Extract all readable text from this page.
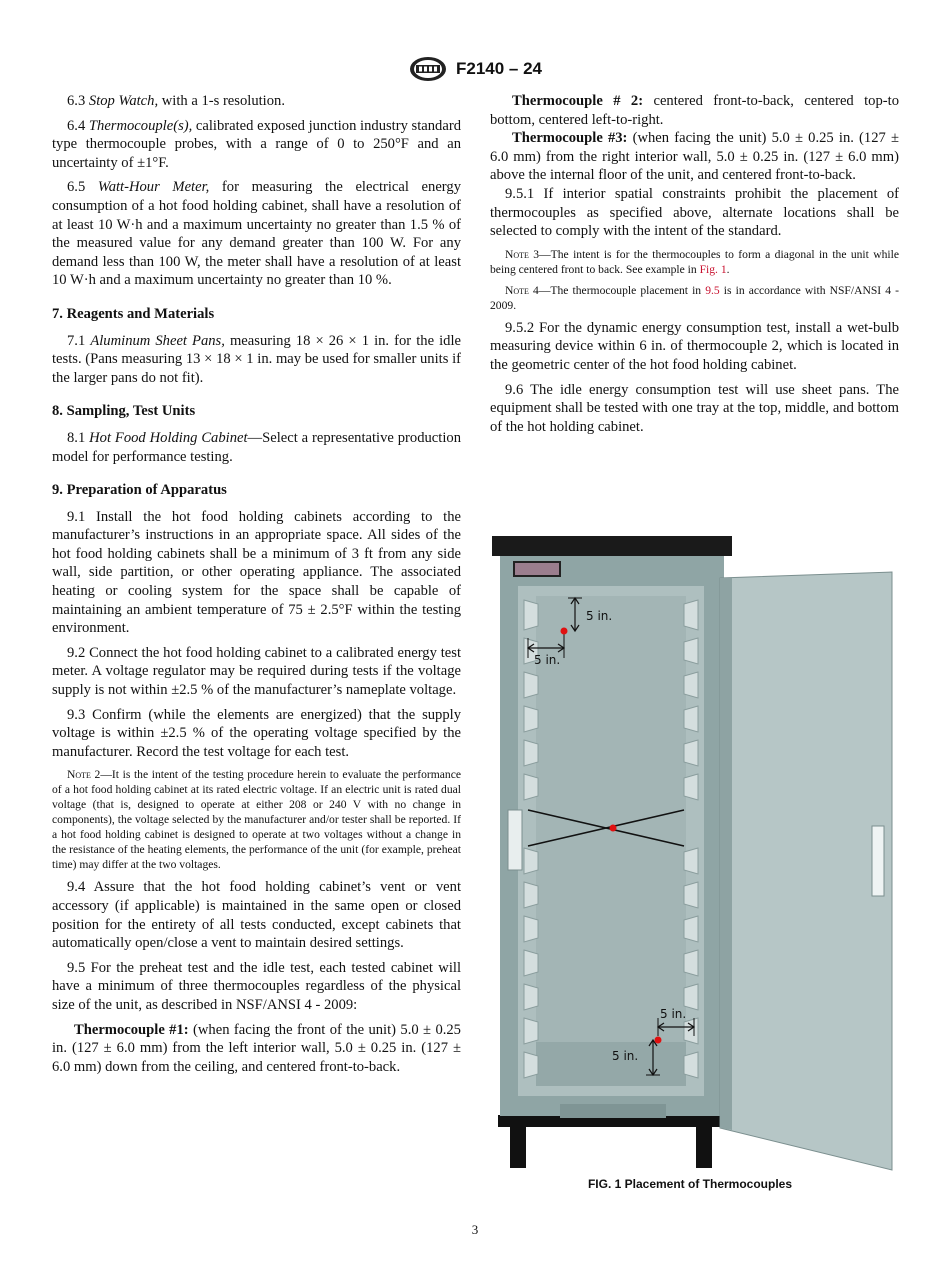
F2140 – 24

6.3 Stop Watch, with a 1-s resolution.

6.4 Thermocouple(s), calibrated exposed junction industry standard type thermocouple probes, with a range of 0 to 250°F and an uncertainty of ±1°F.

6.5 Watt-Hour Meter, for measuring the electrical energy consumption of a hot food holding cabinet, shall have a resolution of at least 10 W·h and a maximum uncertainty no greater than 1.5 % of the measured value for any demand greater than 100 W. For any demand less than 100 W, the meter shall have a resolution of at least 10 W·h and a maximum uncertainty no greater than 10 %.

7. Reagents and Materials

7.1 Aluminum Sheet Pans, measuring 18 × 26 × 1 in. for the idle tests. (Pans measuring 13 × 18 × 1 in. may be used for smaller units if the larger pans do not fit).

8. Sampling, Test Units

8.1 Hot Food Holding Cabinet—Select a representative production model for performance testing.

9. Preparation of Apparatus

9.1 Install the hot food holding cabinets according to the manufacturer’s instructions in an appropriate space. All sides of the hot food holding cabinets shall be a minimum of 3 ft from any side wall, side partition, or other operating appliance. The associated heating or cooling system for the space shall be capable of maintaining an ambient temperature of 75 ± 2.5°F within the testing environment.

9.2 Connect the hot food holding cabinet to a calibrated energy test meter. A voltage regulator may be required during tests if the voltage supply is not within ±2.5 % of the manufacturer’s nameplate voltage.

9.3 Confirm (while the elements are energized) that the supply voltage is within ±2.5 % of the operating voltage specified by the manufacturer. Record the test voltage for each test.

Note 2—It is the intent of the testing procedure herein to evaluate the performance of a hot food holding cabinet at its rated electric voltage. If an electric unit is rated dual voltage (that is, designed to operate at either 208 or 240 V with no change in components), the voltage selected by the manufacturer and/or tester shall be reported. If a hot food holding cabinet is designed to operate at two voltages without a change in the resistance of the heating elements, the performance of the unit (for example, preheat time) may differ at the two voltages.

9.4 Assure that the hot food holding cabinet’s vent or vent accessory (if applicable) is maintained in the same open or closed position for the entirety of all tests conducted, except cabinets that automatically open/close a vent to maintain desired settings.

9.5 For the preheat test and the idle test, each tested cabinet will have a minimum of three thermocouples regardless of the physical size of the unit, as described in NSF/ANSI 4 - 2009:

Thermocouple #1: (when facing the front of the unit) 5.0 ± 0.25 in. (127 ± 6.0 mm) from the left interior wall, 5.0 ± 0.25 in. (127 ± 6.0 mm) down from the ceiling, and centered front-to-back.

Thermocouple # 2: centered front-to-back, centered top-to bottom, centered left-to-right.

Thermocouple #3: (when facing the unit) 5.0 ± 0.25 in. (127 ± 6.0 mm) from the right interior wall, 5.0 ± 0.25 in. (127 ± 6.0 mm) above the internal floor of the unit, and centered front-to-back.

9.5.1 If interior spatial constraints prohibit the placement of thermocouples as specified above, alternate locations shall be selected to comply with the intent of the standard.

Note 3—The intent is for the thermocouples to form a diagonal in the unit while being centered front to back. See example in Fig. 1.
Note 4—The thermocouple placement in 9.5 is in accordance with NSF/ANSI 4 - 2009.

9.5.2 For the dynamic energy consumption test, install a wet-bulb measuring device within 6 in. of thermocouple 2, which is located in the geometric center of the hot food holding cabinet.

9.6 The idle energy consumption test will use sheet pans. The equipment shall be tested with one tray at the top, middle, and bottom of the hot holding cabinet.

5 in.
5 in.
5 in.
5 in.
FIG. 1 Placement of Thermocouples
3
